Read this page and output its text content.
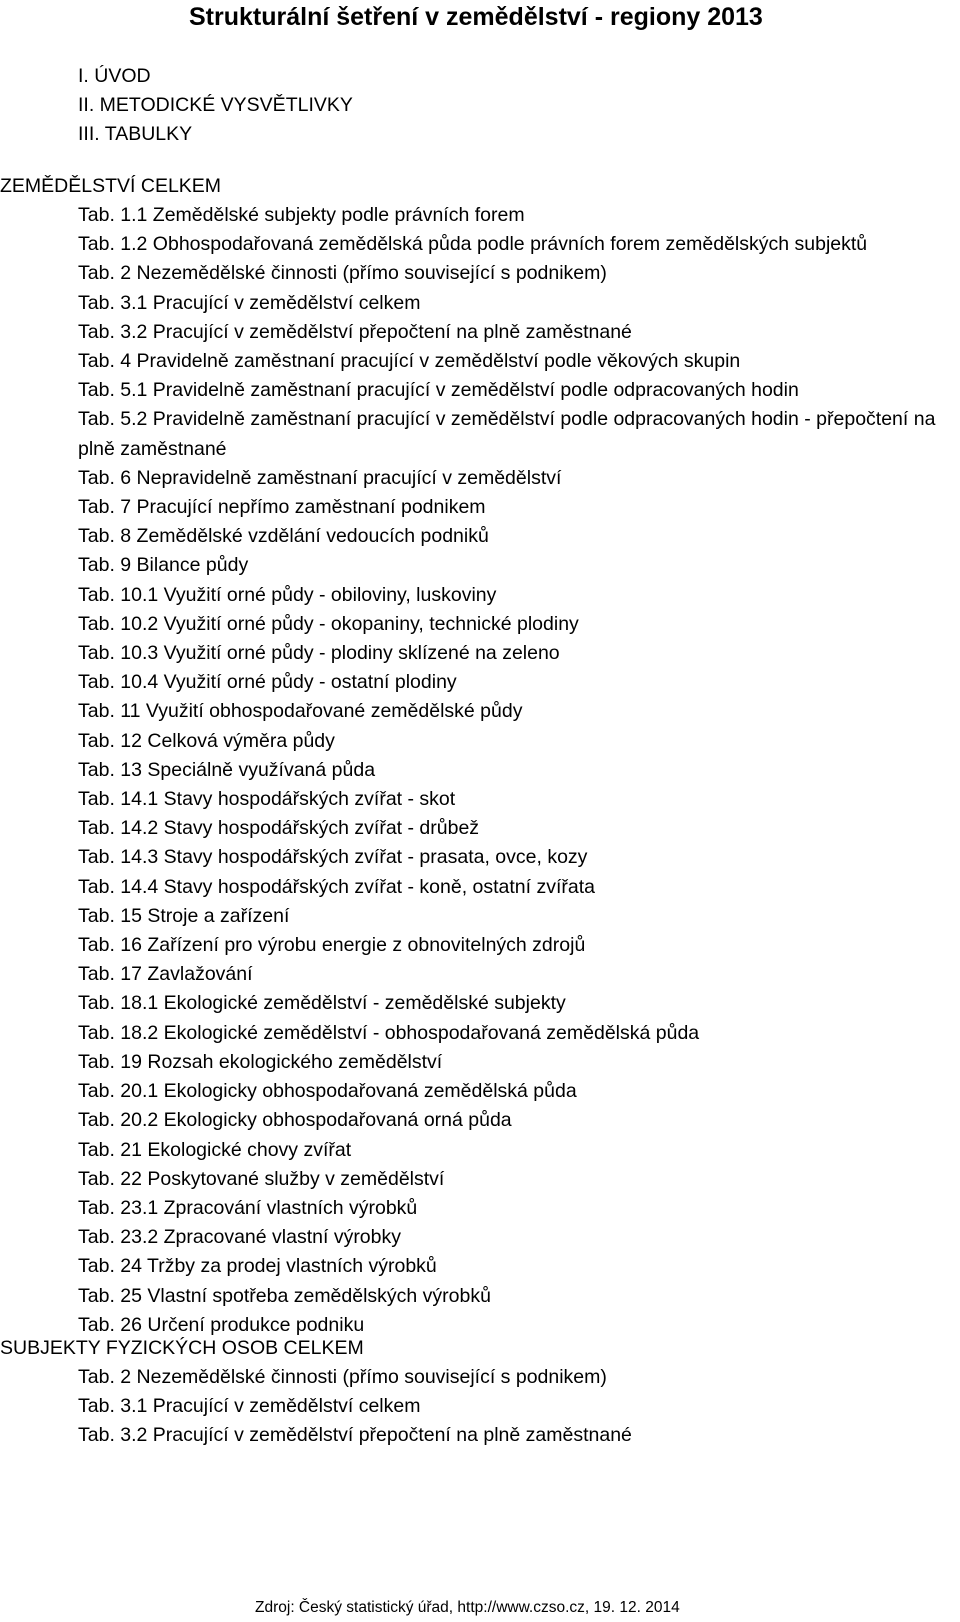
Strukturální šetření v zemědělství - regiony 2013
I. ÚVOD
II. METODICKÉ VYSVĚTLIVKY
III. TABULKY
ZEMĚDĚLSTVÍ CELKEM
Tab. 1.1 Zemědělské subjekty podle právních forem
Tab. 1.2 Obhospodařovaná zemědělská půda podle právních forem zemědělských subjektů
Tab. 2 Nezemědělské činnosti (přímo související s podnikem)
Tab. 3.1 Pracující v zemědělství celkem
Tab. 3.2 Pracující v zemědělství přepočtení na plně zaměstnané
Tab. 4 Pravidelně zaměstnaní pracující v zemědělství podle věkových skupin
Tab. 5.1 Pravidelně zaměstnaní pracující v zemědělství podle odpracovaných hodin
Tab. 5.2 Pravidelně zaměstnaní pracující v zemědělství podle odpracovaných hodin - přepočtení na plně zaměstnané
Tab. 6 Nepravidelně zaměstnaní pracující v zemědělství
Tab. 7 Pracující nepřímo zaměstnaní podnikem
Tab. 8 Zemědělské vzdělání vedoucích podniků
Tab. 9 Bilance půdy
Tab. 10.1 Využití orné půdy - obiloviny, luskoviny
Tab. 10.2 Využití orné půdy - okopaniny, technické plodiny
Tab. 10.3 Využití orné půdy - plodiny sklízené na zeleno
Tab. 10.4 Využití orné půdy - ostatní plodiny
Tab. 11 Využití obhospodařované zemědělské půdy
Tab. 12 Celková výměra půdy
Tab. 13 Speciálně využívaná půda
Tab. 14.1 Stavy hospodářských zvířat - skot
Tab. 14.2 Stavy hospodářských zvířat - drůbež
Tab. 14.3 Stavy hospodářských zvířat - prasata, ovce, kozy
Tab. 14.4 Stavy hospodářských zvířat - koně, ostatní zvířata
Tab. 15 Stroje a zařízení
Tab. 16 Zařízení pro výrobu energie z obnovitelných zdrojů
Tab. 17 Zavlažování
Tab. 18.1 Ekologické zemědělství - zemědělské subjekty
Tab. 18.2 Ekologické zemědělství - obhospodařovaná zemědělská půda
Tab. 19 Rozsah ekologického zemědělství
Tab. 20.1 Ekologicky obhospodařovaná zemědělská půda
Tab. 20.2 Ekologicky obhospodařovaná orná půda
Tab. 21 Ekologické chovy zvířat
Tab. 22 Poskytované služby v zemědělství
Tab. 23.1 Zpracování vlastních výrobků
Tab. 23.2 Zpracované vlastní výrobky
Tab. 24 Tržby za prodej vlastních výrobků
Tab. 25 Vlastní spotřeba zemědělských výrobků
Tab. 26 Určení produkce podniku
SUBJEKTY FYZICKÝCH OSOB CELKEM
Tab. 2 Nezemědělské činnosti (přímo související s podnikem)
Tab. 3.1 Pracující v zemědělství celkem
Tab. 3.2 Pracující v zemědělství přepočtení na plně zaměstnané
Zdroj: Český statistický úřad, http://www.czso.cz, 19. 12. 2014
